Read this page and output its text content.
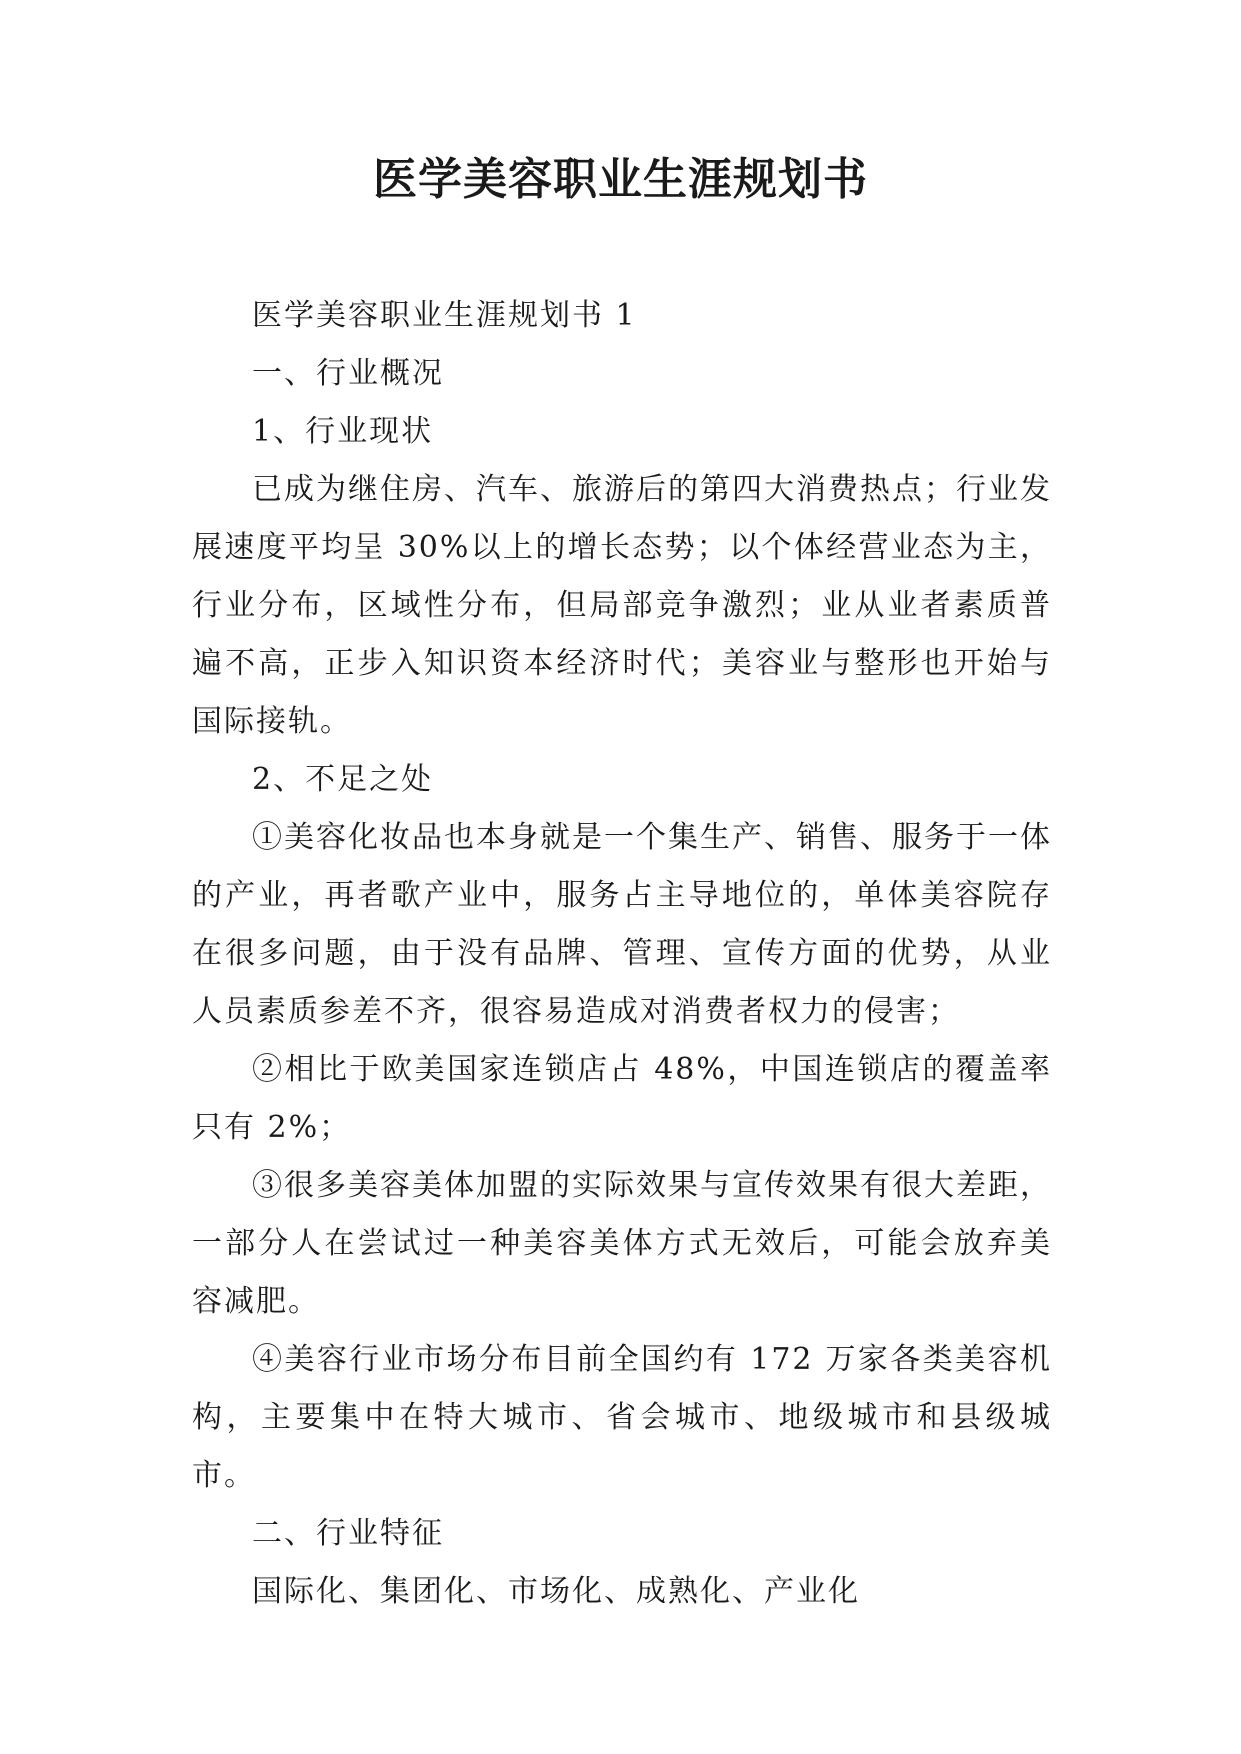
医学美容职业生涯规划书

医学美容职业生涯规划书 1

一、行业概况

1、行业现状

已成为继住房、汽车、旅游后的第四大消费热点；行业发展速度平均呈 30%以上的增长态势；以个体经营业态为主，行业分布，区域性分布，但局部竞争激烈；业从业者素质普遍不高，正步入知识资本经济时代；美容业与整形也开始与国际接轨。

2、不足之处

①美容化妆品也本身就是一个集生产、销售、服务于一体的产业，再者歌产业中，服务占主导地位的，单体美容院存在很多问题，由于没有品牌、管理、宣传方面的优势，从业人员素质参差不齐，很容易造成对消费者权力的侵害；

②相比于欧美国家连锁店占 48%，中国连锁店的覆盖率只有 2%；

③很多美容美体加盟的实际效果与宣传效果有很大差距，一部分人在尝试过一种美容美体方式无效后，可能会放弃美容减肥。

④美容行业市场分布目前全国约有 172 万家各类美容机构，主要集中在特大城市、省会城市、地级城市和县级城市。

二、行业特征

国际化、集团化、市场化、成熟化、产业化
